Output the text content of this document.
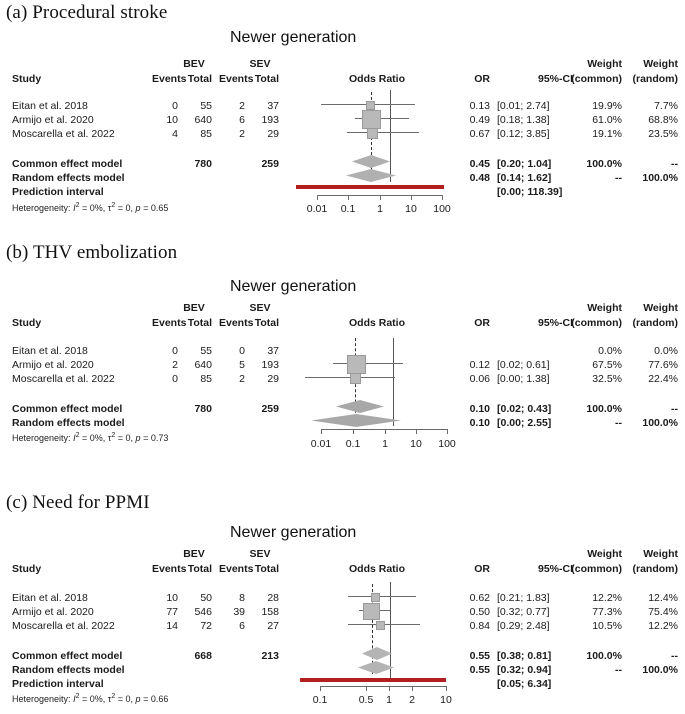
(a) Procedural stroke
Newer generation
BEV	SEV	Weight	Weight
Study	Events Total Events Total	Odds Ratio	OR	95%-CI
(common)	(random)
Eitan et al. 2018	0	55	2	37	0.13 [0.01; 2.74]	19.9%	7.7%
Armijo et al. 2020	10	640	6	193	0.49 [0.18; 1.38]	61.0%	68.8%
Moscarella et al. 2022	4	85	2	29	0.67 [0.12; 3.85]	19.1%	23.5%
Common effect model	780	259	0.45 [0.20; 1.04]	100.0%	--
Random effects model	0.48 [0.14; 1.62]	--	100.0%
Prediction interval	[0.00; 118.39]
Heterogeneity: $I^2 = 0\%$, $\tau^2 = 0$, p = 0.65	0.01	0.1	1	10	100
(b) THV embolization
Newer generation
BEV	SEV	Weight	Weight
Study	Events Total Events Total	Odds Ratio	OR	95%-CI
(common)	(random)
Eitan et al. 2018	0	55	0	37	0.0%	0.0%
Armijo et al. 2020	2	640	5	193	0.12 [0.02; 0.61]	67.5%	77.6%
Moscarella et al. 2022	0	85	2	29	0.06 [0.00; 1.38]	32.5%	22.4%
Common effect model	780	259	0.10 [0.02; 0.43]	100.0%	--
Random effects model	0.10 [0.00; 2.55]	--	100.0%
Heterogeneity: $I^2 = 0\%$, $\tau^2 = 0$, p = 0.73	0.01	0.1	1	10	100
(c) Need for PPMI
Newer generation
BEV	SEV	Weight	Weight
Study	Events Total Events Total	Odds Ratio	OR	95%-CI
(common)	(random)
Eitan et al. 2018	10	50	8	28	0.62 [0.21; 1.83]	12.2%	12.4%
Armijo et al. 2020	77	546	39	158	0.50 [0.32; 0.77]	77.3%	75.4%
Moscarella et al. 2022	14	72	6	27	0.84 [0.29; 2.48]	10.5%	12.2%
Common effect model	668	213	0.55 [0.38; 0.81]	100.0%	--
Random effects model	0.55 [0.32; 0.94]	--	100.0%
Prediction interval	[0.05; 6.34]
Heterogeneity: $I^2 = 0\%$, $\tau^2 = 0$, p = 0.66	0.1	0.5	1	2	10
